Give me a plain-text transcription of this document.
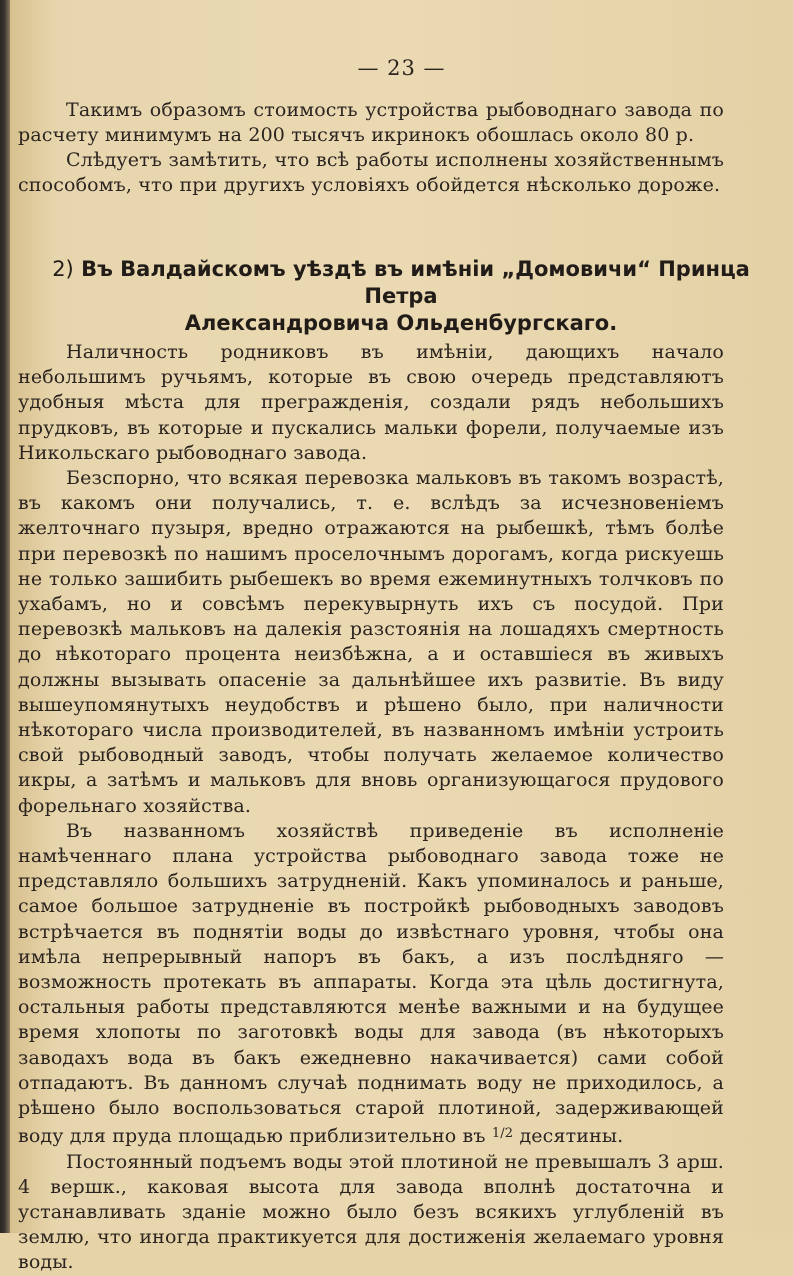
— 23 —

Такимъ образомъ стоимость устройства рыбоводнаго завода по расчету минимумъ на 200 тысячъ икринокъ обошлась около 80 р.

Слѣдуетъ замѣтить, что всѣ работы исполнены хозяйственнымъ способомъ, что при другихъ условіяхъ обойдется нѣсколько дороже.

2) Въ Валдайскомъ уѣздѣ въ имѣніи „Домовичи“ Принца Петра
Александровича Ольденбургскаго.

Наличность родниковъ въ имѣніи, дающихъ начало небольшимъ ручьямъ, которые въ свою очередь представляютъ удобныя мѣста для преграждeнія, создали рядъ небольшихъ прудковъ, въ которые и пускались мальки форели, получаемые изъ Никольскаго рыбоводнаго завода.

Безспорно, что всякая перевозка мальковъ въ такомъ возрастѣ, въ какомъ они получались, т. е. вслѣдъ за исчезновеніемъ желточнаго пузыря, вредно отражаются на рыбешкѣ, тѣмъ болѣе при перевозкѣ по нашимъ проселочнымъ дорогамъ, когда рискуешь не только зашибить рыбешекъ во время ежеминутныхъ толчковъ по ухабамъ, но и совсѣмъ перекувырнуть ихъ съ посудой. При перевозкѣ мальковъ на далекія разстоянія на лошадяхъ смертность до нѣкотораго процента неизбѣжна, а и оставшіеся въ живыхъ должны вызывать опасеніе за дальнѣйшее ихъ развитіе. Въ виду вышеупомянутыхъ неудобствъ и рѣшено было, при наличности нѣкотораго числа производителей, въ названномъ имѣніи устроить свой рыбоводный заводъ, чтобы получать желаемое количество икры, а затѣмъ и мальковъ для вновь организующагося прудового форельнаго хозяйства.

Въ названномъ хозяйствѣ приведеніе въ исполненіе намѣченнаго плана устройства рыбоводнаго завода тоже не представляло большихъ затрудненій. Какъ упоминалось и раньше, самое большое затрудненіе въ постройкѣ рыбоводныхъ заводовъ встрѣчается въ поднятіи воды до извѣстнаго уровня, чтобы она имѣла непрерывный напоръ въ бакъ, а изъ послѣдняго — возможность протекать въ аппараты. Когда эта цѣль достигнута, остальныя работы представляются менѣе важными и на будущее время хлопоты по заготовкѣ воды для завода (въ нѣкоторыхъ заводахъ вода въ бакъ ежедневно накачивается) сами собой отпадаютъ. Въ данномъ случаѣ поднимать воду не приходилось, а рѣшено было воспользоваться старой плотиной, задерживающей воду для пруда площадью приблизительно въ $^{1/2}$ десятины.

Постоянный подъемъ воды этой плотиной не превышалъ 3 арш. 4 вершк., каковая высота для завода вполнѣ достаточна и устанавливать зданіе можно было безъ всякихъ углубленій въ землю, что иногда практикуется для достиженія желаемаго уровня воды.
